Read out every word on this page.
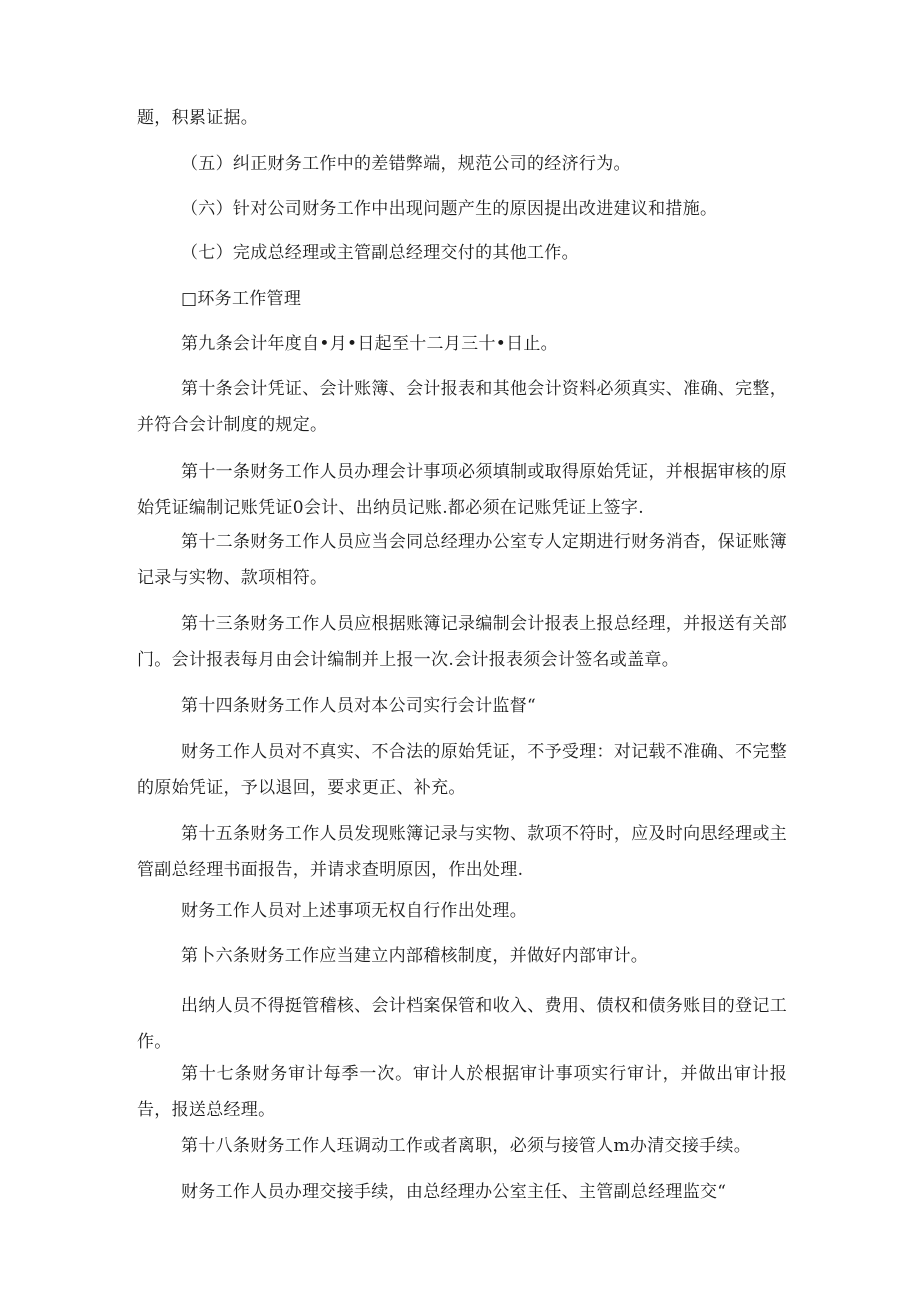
题，积累证据。

（五）纠正财务工作中的差错弊端，规范公司的经济行为。

（六）针对公司财务工作中出现问题产生的原因提出改进建议和措施。

（七）完成总经理或主管副总经理交付的其他工作。

□环务工作管理

第九条会计年度自•月•日起至十二月三十•日止。

第十条会计凭证、会计账簿、会计报表和其他会计资料必须真实、准确、完整，并符合会计制度的规定。

第十一条财务工作人员办理会计事项必须填制或取得原始凭证，并根据审核的原始凭证编制记账凭证0会计、出纳员记账.都必须在记账凭证上签字.

第十二条财务工作人员应当会同总经理办公室专人定期进行财务消杳，保证账簿记录与实物、款项相符。

第十三条财务工作人员应根据账簿记录编制会计报表上报总经理，并报送有关部门。会计报表每月由会计编制并上报一次.会计报表须会计签名或盖章。

第十四条财务工作人员对本公司实行会计监督“

财务工作人员对不真实、不合法的原始凭证，不予受理：对记载不准确、不完整的原始凭证，予以退回，要求更正、补充。

第十五条财务工作人员发现账簿记录与实物、款项不符时，应及时向思经理或主管副总经理书面报告，并请求查明原因，作出处理.

财务工作人员对上述事项无权自行作出处理。

第卜六条财务工作应当建立内部稽核制度，并做好内部审计。

出纳人员不得挺管稽核、会计档案保管和收入、费用、债权和债务账目的登记工作。

第十七条财务审计每季一次。审计人於根据审计事项实行审计，并做出审计报告，报送总经理。

第十八条财务工作人珏调动工作或者离职，必须与接管人m办清交接手续。

财务工作人员办理交接手续，由总经理办公室主任、主管副总经理监交“
